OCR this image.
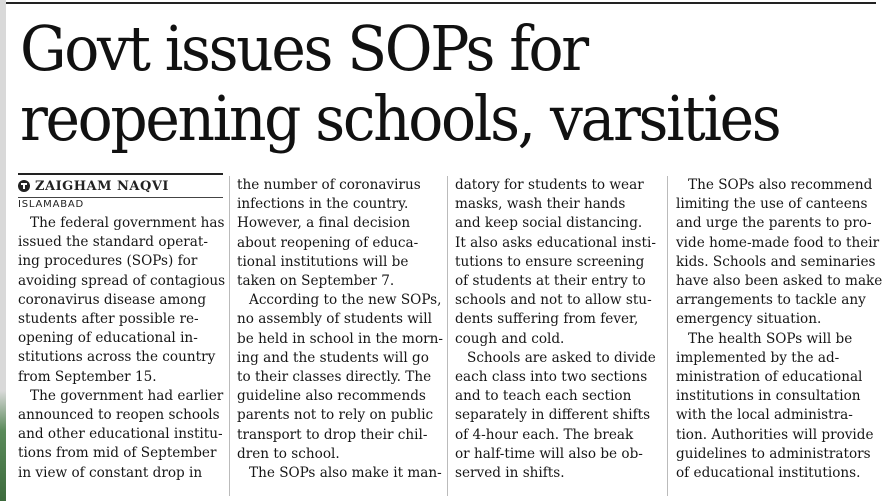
Govt issues SOPs for
reopening schools, varsities
ZAIGHAM NAQVI
ISLAMABAD

The federal government has

issued the standard operat-

ing procedures (SOPs) for

avoiding spread of contagious

coronavirus disease among

students after possible re-

opening of educational in-

stitutions across the country

from September 15.

The government had earlier

announced to reopen schools

and other educational institu-

tions from mid of September

in view of constant drop in

the number of coronavirus

infections in the country.

However, a final decision

about reopening of educa-

tional institutions will be

taken on September 7.

According to the new SOPs,

no assembly of students will

be held in school in the morn-

ing and the students will go

to their classes directly. The

guideline also recommends

parents not to rely on public

transport to drop their chil-

dren to school.

The SOPs also make it man-

datory for students to wear

masks, wash their hands

and keep social distancing.

It also asks educational insti-

tutions to ensure screening

of students at their entry to

schools and not to allow stu-

dents suffering from fever,

cough and cold.

Schools are asked to divide

each class into two sections

and to teach each section

separately in different shifts

of 4-hour each. The break

or half-time will also be ob-

served in shifts.

The SOPs also recommend

limiting the use of canteens

and urge the parents to pro-

vide home-made food to their

kids. Schools and seminaries

have also been asked to make

arrangements to tackle any

emergency situation.

The health SOPs will be

implemented by the ad-

ministration of educational

institutions in consultation

with the local administra-

tion. Authorities will provide

guidelines to administrators

of educational institutions.
